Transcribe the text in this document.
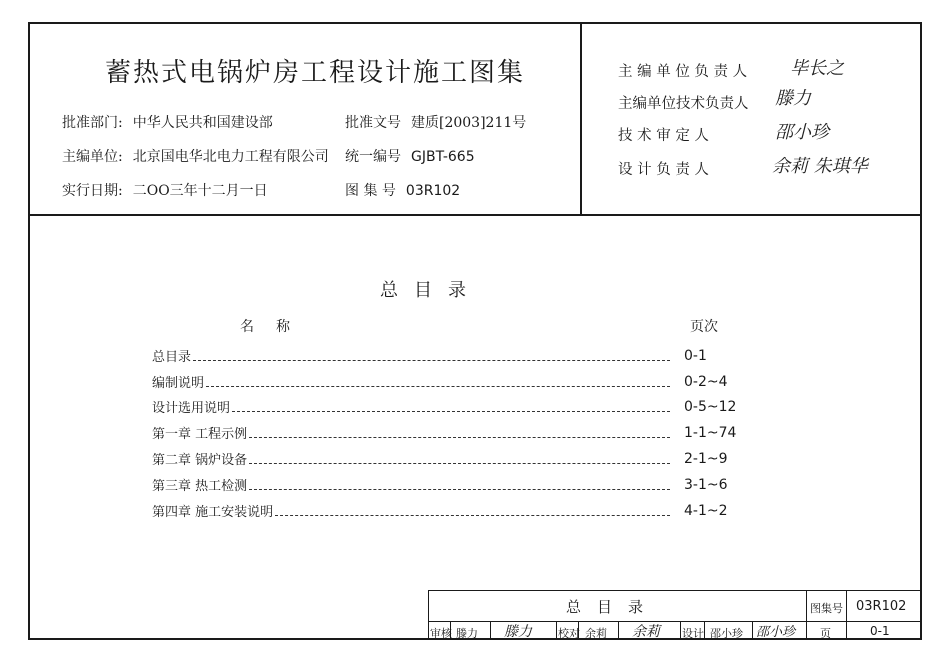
蓄热式电锅炉房工程设计施工图集
批准部门: 中华人民共和国建设部
主编单位: 北京国电华北电力工程有限公司
实行日期: 二OO三年十二月一日
批准文号 建质[2003]211号
统一编号 GJBT-665
图 集 号 03R102
主 编 单 位 负 责 人 毕长之
主编单位技术负责人 滕力
技 术 审 定 人	邵小珍
设 计 负 责 人	余莉 朱琪华
总目录
名称	页次
总目录	0-1
编制说明	0-2~4
设计选用说明	0-5~12
第一章 工程示例	1-1~74
第二章 锅炉设备	2-1~9
第三章 热工检测	3-1~6
第四章 施工安装说明	4-1~2
总目录	图集号 03R102
审核 滕力 滕力 校对 余莉 余莉 设计 邵小珍 邵小珍 页	0-1
